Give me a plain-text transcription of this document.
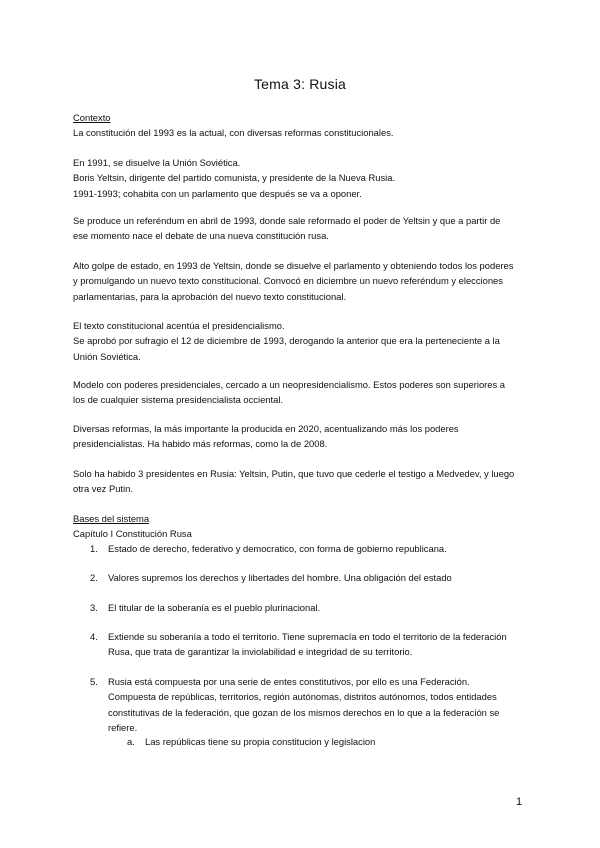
Tema 3: Rusia
Contexto
La constitución del 1993 es la actual, con diversas reformas constitucionales.
En 1991, se disuelve la Unión Soviética.
Boris Yeltsin, dirigente del partido comunista, y presidente de la Nueva Rusia.
1991-1993; cohabita con un parlamento que después se va a oponer.
Se produce un referéndum en abril de 1993, donde sale reformado el poder de Yeltsin y que a partir de
ese momento nace el debate de una nueva constitución rusa.
Alto golpe de estado, en 1993 de Yeltsin, donde se disuelve el parlamento y obteniendo todos los poderes
y promulgando un nuevo texto constitucional. Convocó en diciembre un nuevo referéndum y elecciones
parlamentarias, para la aprobación del nuevo texto constitucional.
El texto constitucional acentúa el presidencialismo.
Se aprobó por sufragio el 12 de diciembre de 1993, derogando la anterior que era la perteneciente a la
Unión Soviética.
Modelo con poderes presidenciales, cercado a un neopresidencialismo. Estos poderes son superiores a
los de cualquier sistema presidencialista occiental.
Diversas reformas, la más importante la producida en 2020, acentualizando más los poderes
presidencialistas. Ha habido más reformas, como la de 2008.
Solo ha habido 3 presidentes en Rusia: Yeltsin, Putin, que tuvo que cederle el testigo a Medvedev, y luego
otra vez Putin.
Bases del sistema
Capítulo I Constitución Rusa
1.	Estado de derecho, federativo y democratico, con forma de gobierno republicana.
2.	Valores supremos los derechos y libertades del hombre. Una obligación del estado
3.	El titular de la soberanía es el pueblo plurinacional.
4.	Extiende su soberanía a todo el territorio. Tiene supremacía en todo el territorio de la federación
Rusa, que trata de garantizar la inviolabilidad e integridad de su territorio.
5.	Rusia está compuesta por una serie de entes constitutivos, por ello es una Federación.
Compuesta de repúblicas, territorios, región autónomas, distritos autónomos, todos entidades
constitutivas de la federación, que gozan de los mismos derechos en lo que a la federación se
refiere.
a. Las repúblicas tiene su propia constitucion y legislacion
1
